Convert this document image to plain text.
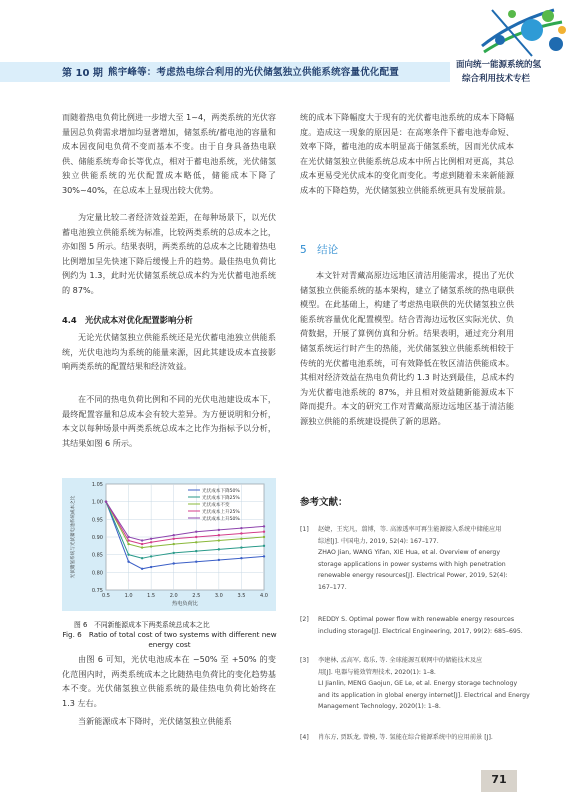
第 10 期 熊宇峰等：考虑热电综合利用的光伏储氢独立供能系统容量优化配置
面向统一能源系统的氢
综合利用技术专栏

而随着热电负荷比例进一步增大至 1~4，两类系统的光伏容量因总负荷需求增加均显著增加，储氢系统/蓄电池的容量和成本因夜间电负荷不变而基本不变。由于自身具备热电联供、储能系统寿命长等优点，相对于蓄电池系统，光伏储氢独立供能系统的光伏配置成本略低，储能成本下降了 30%~40%，在总成本上显现出较大优势。

为定量比较二者经济效益差距，在每种场景下，以光伏蓄电池独立供能系统为标准，比较两类系统的总成本之比，亦如图 5 所示。结果表明，两类系统的总成本之比随着热电比例增加呈先快速下降后缓慢上升的趋势。最佳热电负荷比例约为 1.3，此时光伏储氢系统总成本约为光伏蓄电池系统的 87%。

4.4　光伏成本对优化配置影响分析

无论光伏储氢独立供能系统还是光伏蓄电池独立供能系统，光伏电池均为系统的能量来源，因此其建设成本直接影响两类系统的配置结果和经济效益。

在不同的热电负荷比例和不同的光伏电池建设成本下，最终配置容量和总成本会有较大差异。为方便说明和分析，本文以每种场景中两类系统总成本之比作为指标予以分析，其结果如图 6 所示。

0.75
0.80
0.85
0.90
0.95
1.00
1.05
0.5	1.0	1.5	2.0	2.5	3.0	3.5	4.0
热电负荷比
光伏储氢系统与光伏蓄电池系统成本之比
光伏成本下降50%
光伏成本下降25%
光伏成本不变
光伏成本上升25%
光伏成本上升50%
图 6　不同新能源成本下两类系统总成本之比
Fig. 6　Ratio of total cost of two systems with different new energy cost

由图 6 可知，光伏电池成本在 −50% 至 +50% 的变化范围内时，两类系统成本之比随热电负荷比的变化趋势基本不变。光伏储氢独立供能系统的最佳热电负荷比始终在 1.3 左右。

当新能源成本下降时，光伏储氢独立供能系

统的成本下降幅度大于现有的光伏蓄电池系统的成本下降幅度。造成这一现象的原因是：在高寒条件下蓄电池寿命短、效率下降，蓄电池的成本明显高于储氢系统，因而光伏成本在光伏储氢独立供能系统总成本中所占比例相对更高，其总成本更易受光伏成本的变化而变化。考虑到随着未来新能源成本的下降趋势，光伏储氢独立供能系统更具有发展前景。

5　结论

本文针对青藏高原边远地区清洁用能需求，提出了光伏储氢独立供能系统的基本架构，建立了储氢系统的热电联供模型。在此基础上，构建了考虑热电联供的光伏储氢独立供能系统容量优化配置模型。结合青海边远牧区实际光伏、负荷数据，开展了算例仿真和分析。结果表明，通过充分利用储氢系统运行时产生的热能，光伏储氢独立供能系统相较于传统的光伏蓄电池系统，可有效降低在牧区清洁供能成本。其相对经济效益在热电负荷比约 1.3 时达到最佳，总成本约为光伏蓄电池系统的 87%，并且相对效益随新能源成本下降而提升。本文的研究工作对青藏高原边远地区基于清洁能源独立供能的系统建设提供了新的思路。

参考文献：
[1] 赵婕，王宪凡，翦博，等. 高渗透率可再生能源接入系统中储能应用
综述[J]. 中国电力, 2019, 52(4): 167–177.
ZHAO Jian, WANG Yifan, XIE Hua, et al. Overview of energy
storage applications in power systems with high penetration
renewable energy resources[J]. Electrical Power, 2019, 52(4):
167–177.
[2] REDDY S. Optimal power flow with renewable energy resources
including storage[J]. Electrical Engineering, 2017, 99(2): 685–695.
[3] 李建林, 孟高军, 葛乐, 等. 全球能源互联网中的储能技术及应
用[J]. 电器与能效管理技术, 2020(1): 1–8.
LI Jianlin, MENG Gaojun, GE Le, et al. Energy storage technology
and its application in global energy internet[J]. Electrical and Energy
Management Technology, 2020(1): 1–8.
[4] 肖东方, 贾跃龙, 曾模, 等. 氢能在综合能源系统中的应用前景 [J].
71
